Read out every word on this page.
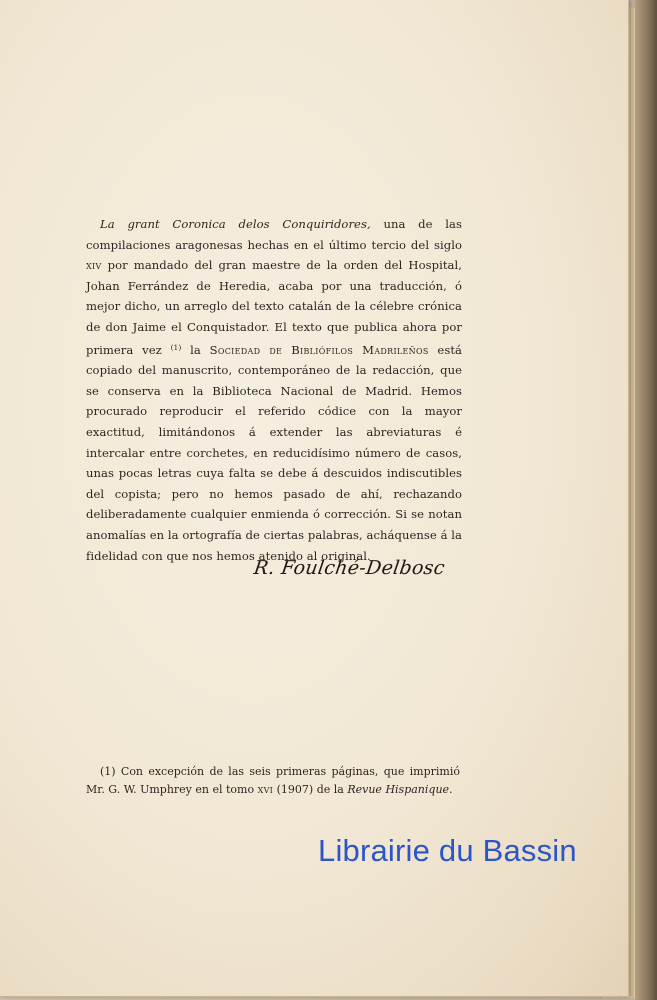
La grant Coronica delos Conquiridores, una de las compilaciones aragonesas hechas en el último tercio del siglo xiv por mandado del gran maestre de la orden del Hospital, Johan Ferrández de Heredia, acaba por una traducción, ó mejor dicho, un arreglo del texto catalán de la célebre crónica de don Jaime el Conquistador. El texto que publica ahora por primera vez $^{(1)}$ la Sociedad de Bibliófilos Madrileños está copiado del manuscrito, contemporáneo de la redacción, que se conserva en la Biblioteca Nacional de Madrid. Hemos procurado reproducir el referido códice con la mayor exactitud, limitándonos á extender las abreviaturas é intercalar entre corchetes, en reducidísimo número de casos, unas pocas letras cuya falta se debe á descuidos indiscutibles del copista; pero no hemos pasado de ahí, rechazando deliberadamente cualquier enmienda ó corrección. Si se notan anomalías en la ortografía de ciertas palabras, acháquense á la fidelidad con que nos hemos atenido al original.

R. Foulché-Delbosc

(1) Con excepción de las seis primeras páginas, que imprimió Mr. G. W. Umphrey en el tomo xvi (1907) de la Revue Hispanique.

Librairie du Bassin
